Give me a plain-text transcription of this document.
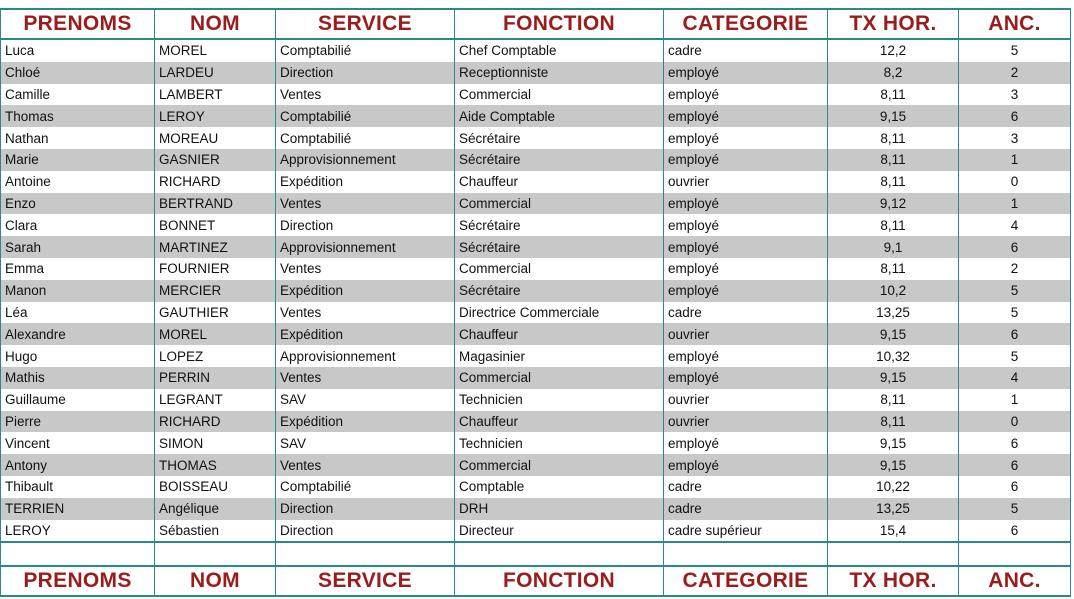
PRENOMS	NOM	SERVICE	FONCTION	CATEGORIE	TX HOR.	ANC.
Luca	MOREL	Comptabilié	Chef Comptable	cadre	12,2	5
Chloé	LARDEU	Direction	Receptionniste	employé	8,2	2
Camille	LAMBERT	Ventes	Commercial	employé	8,11	3
Thomas	LEROY	Comptabilié	Aide Comptable	employé	9,15	6
Nathan	MOREAU	Comptabilié	Sécrétaire	employé	8,11	3
Marie	GASNIER	Approvisionnement	Sécrétaire	employé	8,11	1
Antoine	RICHARD	Expédition	Chauffeur	ouvrier	8,11	0
Enzo	BERTRAND	Ventes	Commercial	employé	9,12	1
Clara	BONNET	Direction	Sécrétaire	employé	8,11	4
Sarah	MARTINEZ	Approvisionnement	Sécrétaire	employé	9,1	6
Emma	FOURNIER	Ventes	Commercial	employé	8,11	2
Manon	MERCIER	Expédition	Sécrétaire	employé	10,2	5
Léa	GAUTHIER	Ventes	Directrice Commerciale	cadre	13,25	5
Alexandre	MOREL	Expédition	Chauffeur	ouvrier	9,15	6
Hugo	LOPEZ	Approvisionnement	Magasinier	employé	10,32	5
Mathis	PERRIN	Ventes	Commercial	employé	9,15	4
Guillaume	LEGRANT	SAV	Technicien	ouvrier	8,11	1
Pierre	RICHARD	Expédition	Chauffeur	ouvrier	8,11	0
Vincent	SIMON	SAV	Technicien	employé	9,15	6
Antony	THOMAS	Ventes	Commercial	employé	9,15	6
Thibault	BOISSEAU	Comptabilié	Comptable	cadre	10,22	6
TERRIEN	Angélique	Direction	DRH	cadre	13,25	5
LEROY	Sébastien	Direction	Directeur	cadre supérieur	15,4	6

PRENOMS	NOM	SERVICE	FONCTION	CATEGORIE	TX HOR.	ANC.
